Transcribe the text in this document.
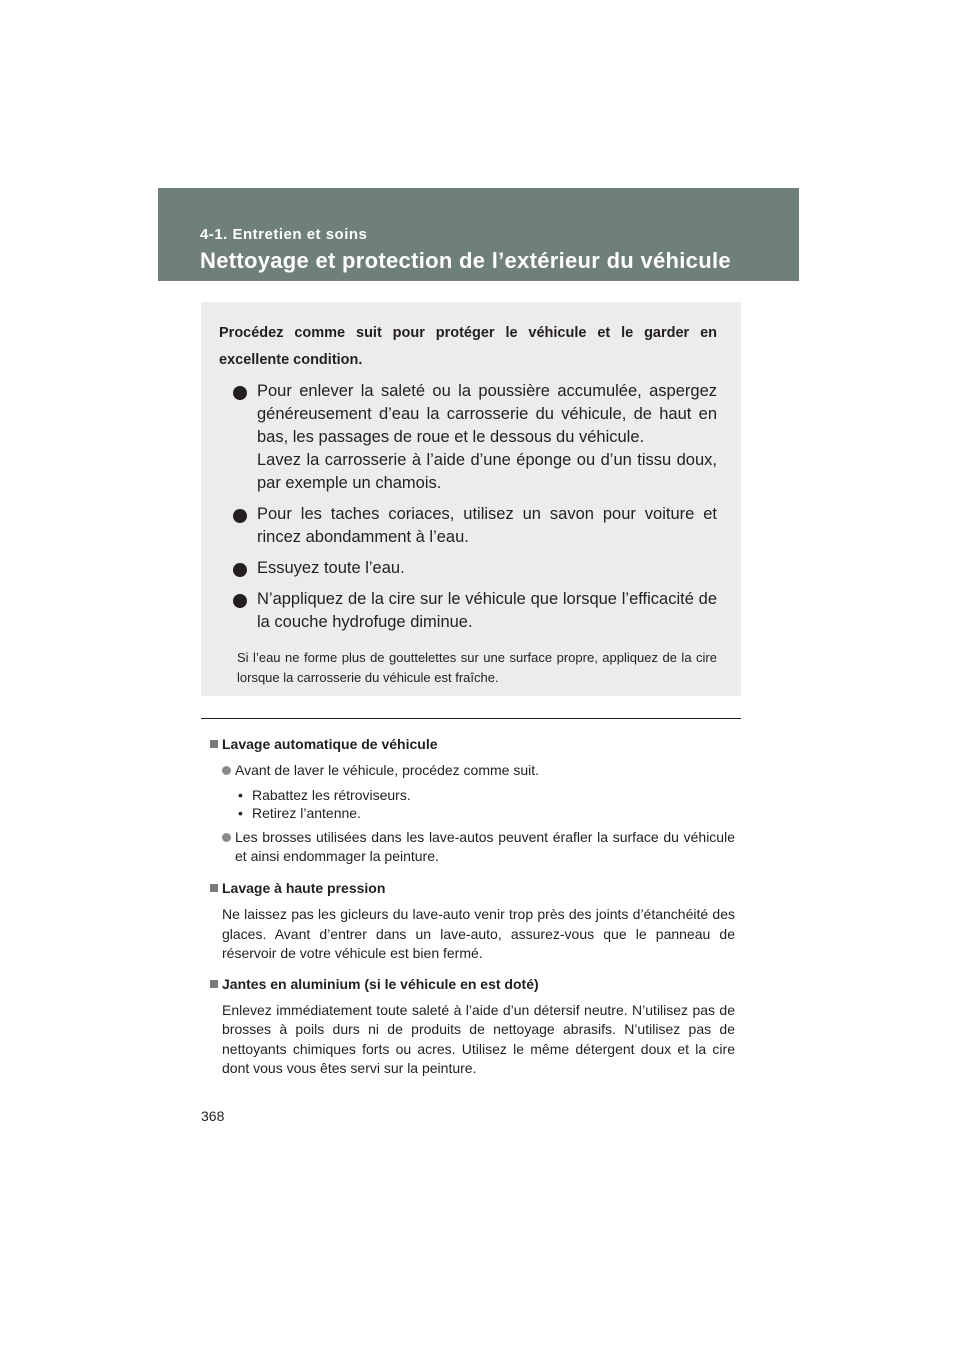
4-1. Entretien et soins
Nettoyage et protection de l’extérieur du véhicule

Procédez comme suit pour protéger le véhicule et le garder en excellente condition.

Pour enlever la saleté ou la poussière accumulée, aspergez généreusement d’eau la carrosserie du véhicule, de haut en bas, les passages de roue et le dessous du véhicule.

Lavez la carrosserie à l’aide d’une éponge ou d’un tissu doux, par exemple un chamois.

Pour les taches coriaces, utilisez un savon pour voiture et rincez abondamment à l’eau.

Essuyez toute l’eau.

N’appliquez de la cire sur le véhicule que lorsque l’efficacité de la couche hydrofuge diminue.

Si l’eau ne forme plus de gouttelettes sur une surface propre, appliquez de la cire lorsque la carrosserie du véhicule est fraîche.

Lavage automatique de véhicule
Avant de laver le véhicule, procédez comme suit.
• Rabattez les rétroviseurs.
• Retirez l’antenne.
Les brosses utilisées dans les lave-autos peuvent érafler la surface du véhicule et ainsi endommager la peinture.
Lavage à haute pression

Ne laissez pas les gicleurs du lave-auto venir trop près des joints d’étanchéité des glaces. Avant d’entrer dans un lave-auto, assurez-vous que le panneau de réservoir de votre véhicule est bien fermé.

Jantes en aluminium (si le véhicule en est doté)

Enlevez immédiatement toute saleté à l’aide d’un détersif neutre. N’utilisez pas de brosses à poils durs ni de produits de nettoyage abrasifs. N’utilisez pas de nettoyants chimiques forts ou acres. Utilisez le même détergent doux et la cire dont vous vous êtes servi sur la peinture.

368
